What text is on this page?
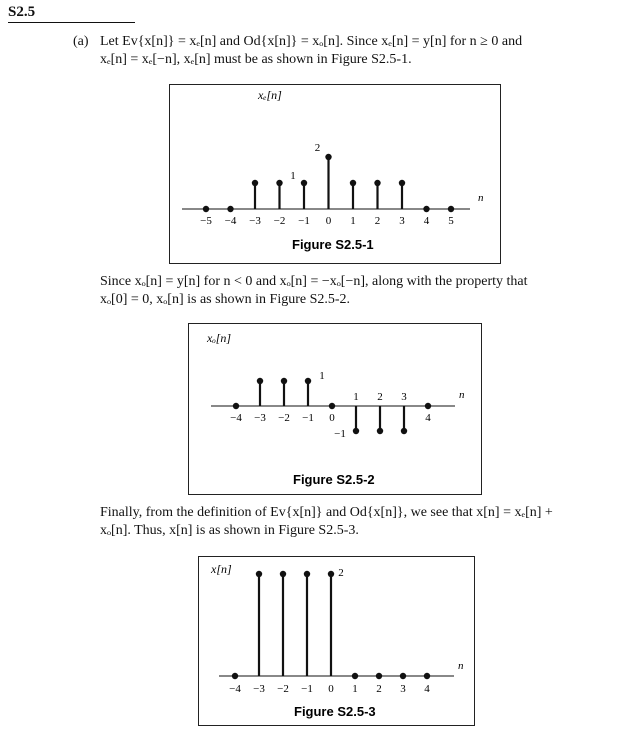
S2.5
(a) Let Ev{x[n]} = xₑ[n] and Od{x[n]} = xₒ[n]. Since xₑ[n] = y[n] for n ≥ 0 and
xₑ[n] = xₑ[−n], xₑ[n] must be as shown in Figure S2.5-1.
−5 −4 −3 −2 −1 0 1 2 3 4 5
2
1
xₑ[n]
n
Figure S2.5-1
Since xₒ[n] = y[n] for n < 0 and xₒ[n] = −xₒ[−n], along with the property that
xₒ[0] = 0, xₒ[n] is as shown in Figure S2.5-2.
−4 −3 −2 −1 0
1 2 3
4
1
−1
xₒ[n]
n
Figure S2.5-2
Finally, from the definition of Ev{x[n]} and Od{x[n]}, we see that x[n] = xₑ[n] +
xₒ[n]. Thus, x[n] is as shown in Figure S2.5-3.
−4 −3 −2 −1 0 1 2 3 4
2
x[n]
n
Figure S2.5-3
